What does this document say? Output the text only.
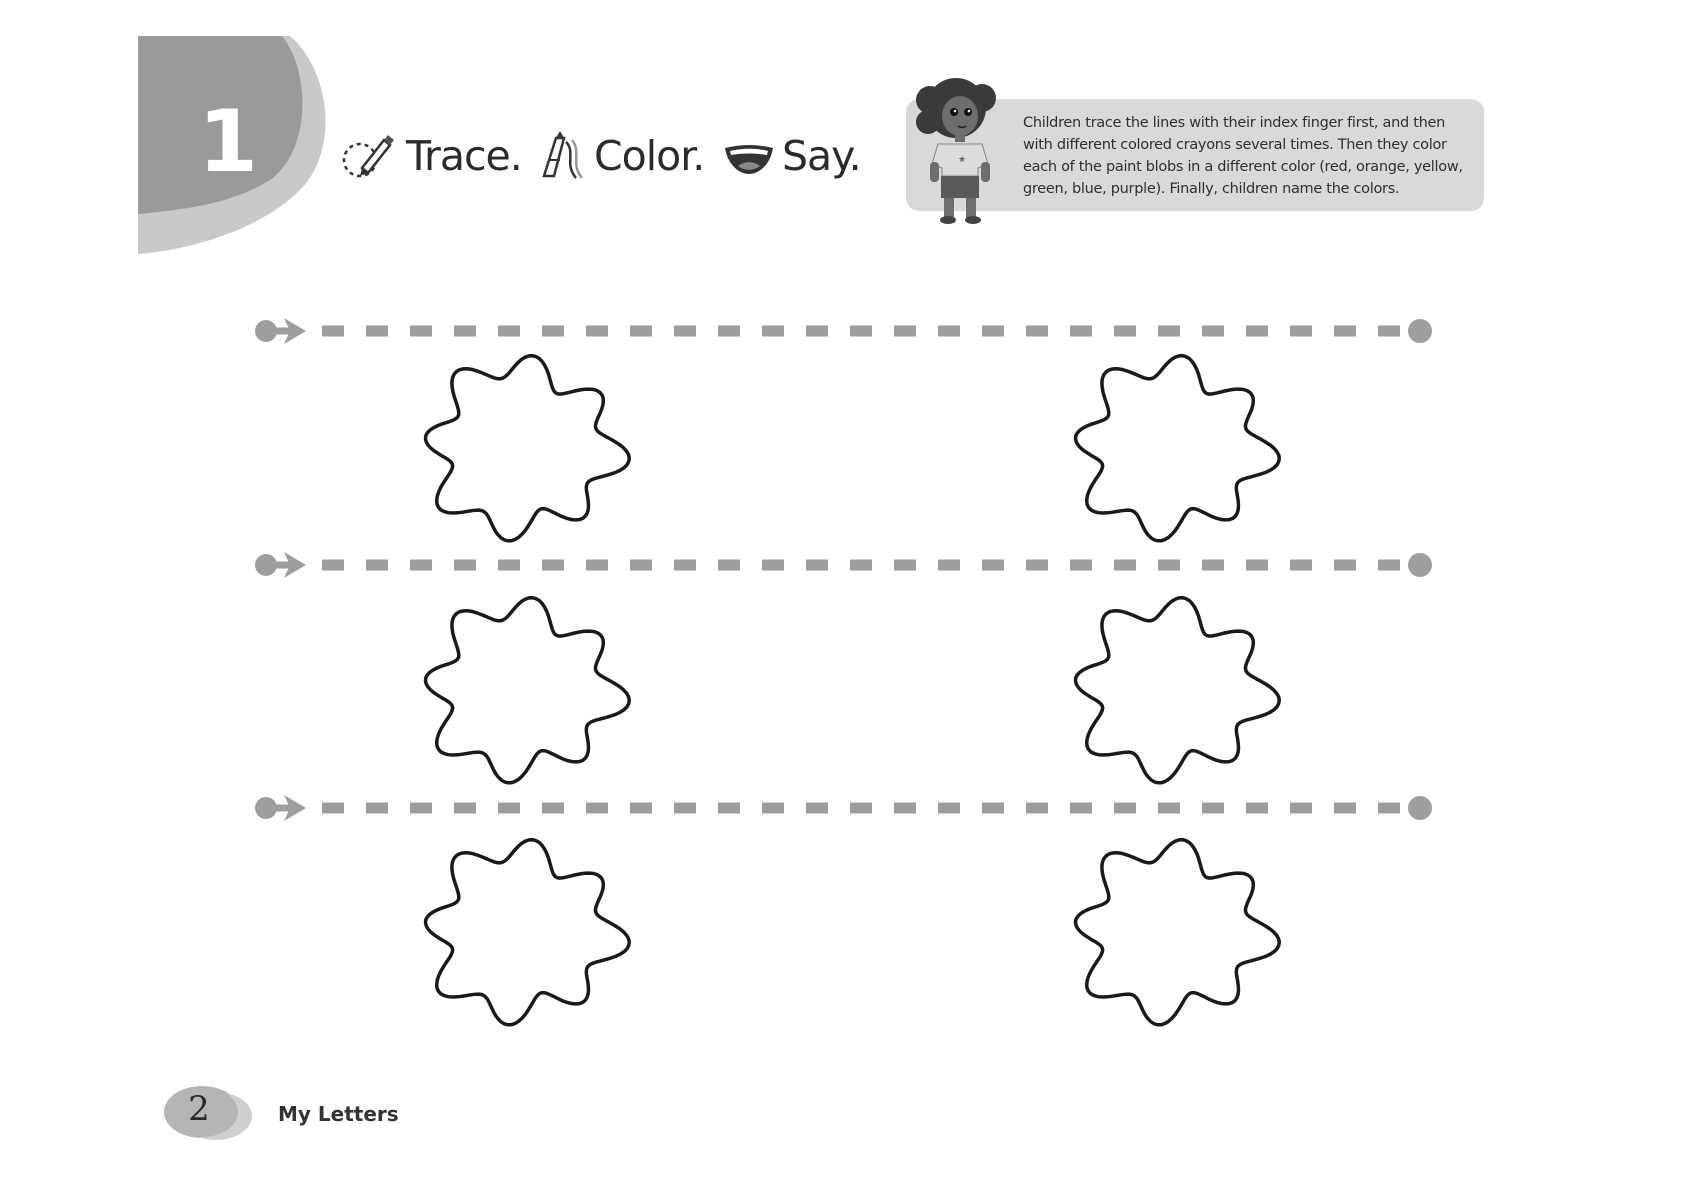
1	Trace. Color. Say.	★
Children trace the lines with their index finger first, and then with different colored crayons several times. Then they color each of the paint blobs in a different color (red, orange, yellow, green, blue, purple). Finally, children name the colors.
2	My Letters
